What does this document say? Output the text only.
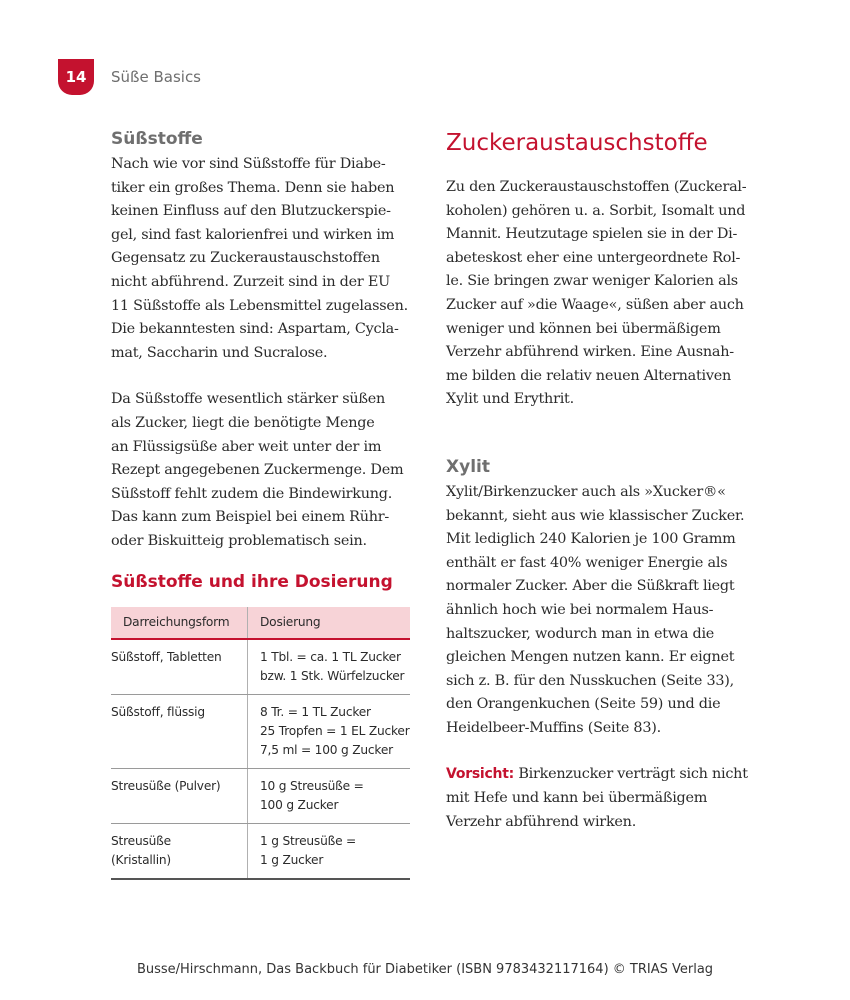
14	Süße Basics
Süßstoffe

Nach wie vor sind Süßstoffe für Diabe-
tiker ein großes Thema. Denn sie haben
keinen Einfluss auf den Blutzuckerspie-
gel, sind fast kalorienfrei und wirken im
Gegensatz zu Zuckeraustauschstoffen
nicht abführend. Zurzeit sind in der EU
11 Süßstoffe als Lebensmittel zugelassen.
Die bekanntesten sind: Aspartam, Cycla-
mat, Saccharin und Sucralose.

Da Süßstoffe wesentlich stärker süßen
als Zucker, liegt die benötigte Menge
an Flüssigsüße aber weit unter der im
Rezept angegebenen Zuckermenge. Dem
Süßstoff fehlt zudem die Bindewirkung.
Das kann zum Beispiel bei einem Rühr-
oder Biskuitteig problematisch sein.

Süßstoffe und ihre Dosierung
Darreichungsform	Dosierung

Süßstoff, Tabletten	1 Tbl. = ca. 1 TL Zucker
bzw. 1 Stk. Würfelzucker

Süßstoff, flüssig	8 Tr. = 1 TL Zucker
25 Tropfen = 1 EL Zucker
7,5 ml = 100 g Zucker

Streusüße (Pulver)	10 g Streusüße =
100 g Zucker

Streusüße
(Kristallin)	1 g Streusüße =
1 g Zucker
Zuckeraustauschstoffe

Zu den Zuckeraustauschstoffen (Zuckeral-
koholen) gehören u. a. Sorbit, Isomalt und
Mannit. Heutzutage spielen sie in der Di-
abeteskost eher eine untergeordnete Rol-
le. Sie bringen zwar weniger Kalorien als
Zucker auf »die Waage«, süßen aber auch
weniger und können bei übermäßigem
Verzehr abführend wirken. Eine Ausnah-
me bilden die relativ neuen Alternativen
Xylit und Erythrit.

Xylit

Xylit/Birkenzucker auch als »Xucker®«
bekannt, sieht aus wie klassischer Zucker.
Mit lediglich 240 Kalorien je 100 Gramm
enthält er fast 40% weniger Energie als
normaler Zucker. Aber die Süßkraft liegt
ähnlich hoch wie bei normalem Haus-
haltszucker, wodurch man in etwa die
gleichen Mengen nutzen kann. Er eignet
sich z. B. für den Nusskuchen (Seite 33),
den Orangenkuchen (Seite 59) und die
Heidelbeer-Muffins (Seite 83).

Vorsicht: Birkenzucker verträgt sich nicht
mit Hefe und kann bei übermäßigem
Verzehr abführend wirken.

Busse/Hirschmann, Das Backbuch für Diabetiker (ISBN 9783432117164) © TRIAS Verlag
